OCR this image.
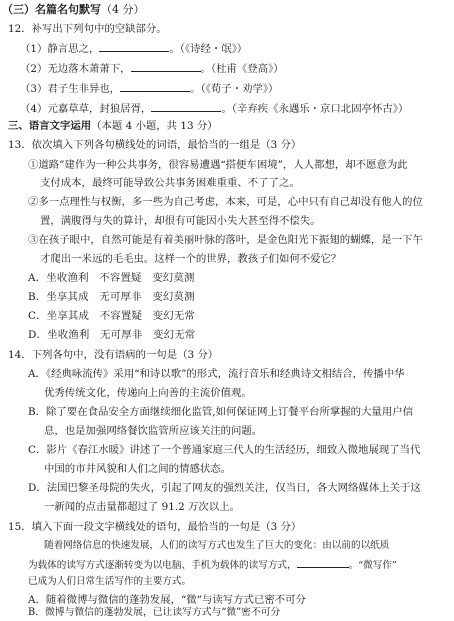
（三）名篇名句默写（4 分）
12．补写出下列句中的空缺部分。
（1）静言思之，	。（《诗经・氓》）
（2）无边落木萧萧下，	。（杜甫《登高》）
（3）君子生非异也，	。（《荀子・劝学》）
（4）元嘉草草，封狼居胥，	。（辛弃疾《永遇乐・京口北固亭怀古》）
三、语言文字运用（本题 4 小题，共 13 分）
13．依次填入下列各句横线处的词语，最恰当的一组是（3 分）
①道路”建作为一种公共事务，很容易遭遇“搭便车困境”，人人都想，却不愿意为此
支付成本，最终可能导致公共事务困难重重、不了了之。
②多一点理性与权衡，多一些为自己考虑，本来，可是，心中只有自己却没有他人的位
置，满腹得与失的算计，却很有可能因小失大甚至得不偿失。
③在孩子眼中，自然可能是有着美丽叶脉的落叶，是金色阳光下振翅的蝴蝶，是一下午
才爬出一米远的毛毛虫。这样一个的世界，教孩子们如何不爱它？
A．坐收渔利　不容置疑　变幻莫测
B．坐享其成　无可厚非　变幻莫测
C．坐享其成　不容置疑　变幻无常
D．坐收渔利　无可厚非　变幻无常
14．下列各句中，没有语病的一句是（3 分）
A．《经典咏流传》采用“和诗以歌”的形式，流行音乐和经典诗文相结合，传播中华
优秀传统文化，传递向上向善的主流价值观。
B．除了要在食品安全方面继续细化监管,如何保证网上订餐平台所掌握的大量用户信
息，也是加强网络餐饮监管所应该关注的问题。
C．影片《春江水暖》讲述了一个普通家庭三代人的生活经历，细致入微地展现了当代
中国的市井风貌和人们之间的情感状态。
D．法国巴黎圣母院的失火，引起了网友的强烈关注，仅当日，各大网络媒体上关于这
一新闻的点击量都超过了 91.2 万次以上。
15．填入下面一段文字横线处的语句，最恰当的一句是（3 分）
随着网络信息的快速发展，人们的读写方式也发生了巨大的变化：由以前的以纸质
为载体的读写方式逐渐转变为以电脑、手机为载体的读写方式，	。“微写作”
已成为人们日常生活写作的主要方式。
A．随着微博与微信的蓬勃发展，“微”与读写方式已密不可分
B．微博与微信的蓬勃发展，已让读写方式与“微”密不可分
